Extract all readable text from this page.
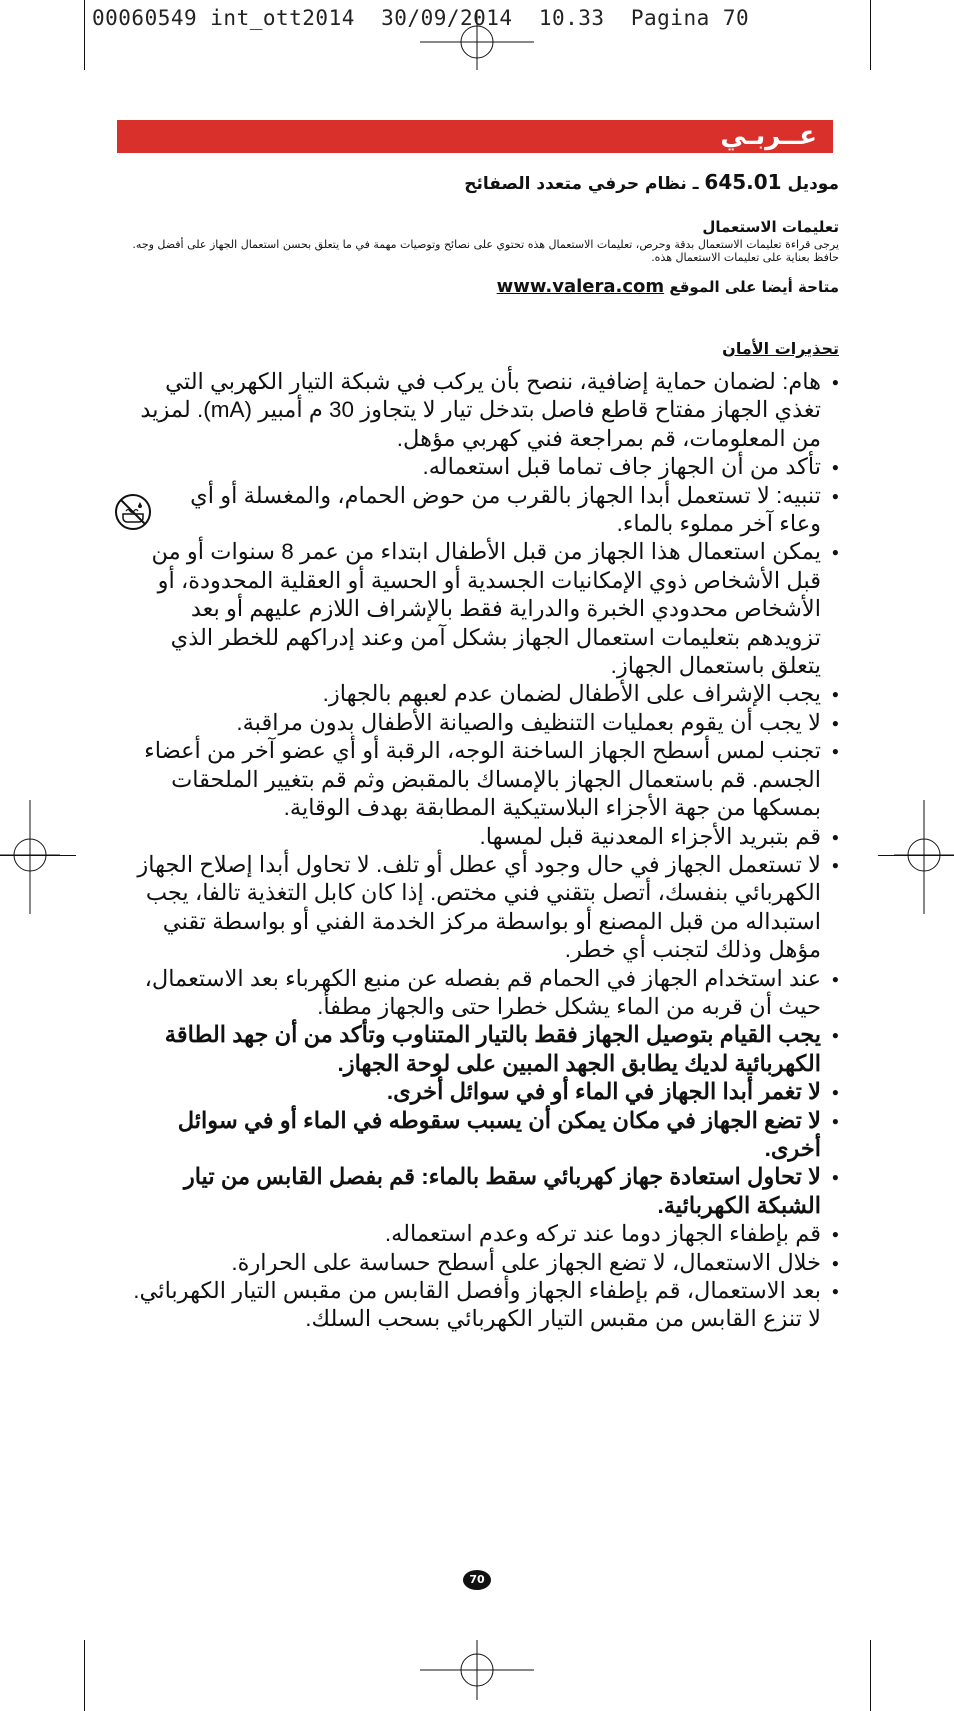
00060549 int_ott2014  30/09/2014  10.33  Pagina 70
عــربـي
موديل 645.01 ـ نظام حرفي متعدد الصفائح
تعليمات الاستعمال
يرجى قراءة تعليمات الاستعمال بدقة وحرص، تعليمات الاستعمال هذه تحتوي على نصائح وتوصيات مهمة في ما يتعلق بحسن استعمال الجهاز على أفضل وجه. حافظ بعناية على تعليمات الاستعمال هذه.
متاحة أيضا على الموقع www.valera.com
تحذيرات الأمان
● هام: لضمان حماية إضافية، ننصح بأن يركب في شبكة التيار الكهربي التي تغذي الجهاز مفتاح قاطع فاصل بتدخل تيار لا يتجاوز 30 م أمبير (mA). لمزيد من المعلومات، قم بمراجعة فني كهربي مؤهل.
● تأكد من أن الجهاز جاف تماما قبل استعماله.
● تنبيه: لا تستعمل أبدا الجهاز بالقرب من حوض الحمام، والمغسلة أو أي وعاء آخر مملوء بالماء.
● يمكن استعمال هذا الجهاز من قبل الأطفال ابتداء من عمر 8 سنوات أو من قبل الأشخاص ذوي الإمكانيات الجسدية أو الحسية أو العقلية المحدودة، أو الأشخاص محدودي الخبرة والدراية فقط بالإشراف اللازم عليهم أو بعد تزويدهم بتعليمات استعمال الجهاز بشكل آمن وعند إدراكهم للخطر الذي يتعلق باستعمال الجهاز.
● يجب الإشراف على الأطفال لضمان عدم لعبهم بالجهاز.
● لا يجب أن يقوم بعمليات التنظيف والصيانة الأطفال بدون مراقبة.
● تجنب لمس أسطح الجهاز الساخنة الوجه، الرقبة أو أي عضو آخر من أعضاء الجسم. قم باستعمال الجهاز بالإمساك بالمقبض وثم قم بتغيير الملحقات بمسكها من جهة الأجزاء البلاستيكية المطابقة بهدف الوقاية.
● قم بتبريد الأجزاء المعدنية قبل لمسها.
● لا تستعمل الجهاز في حال وجود أي عطل أو تلف. لا تحاول أبدا إصلاح الجهاز الكهربائي بنفسك، أتصل بتقني فني مختص. إذا كان كابل التغذية تالفا، يجب استبداله من قبل المصنع أو بواسطة مركز الخدمة الفني أو بواسطة تقني مؤهل وذلك لتجنب أي خطر.
● عند استخدام الجهاز في الحمام قم بفصله عن منبع الكهرباء بعد الاستعمال، حيث أن قربه من الماء يشكل خطرا حتى والجهاز مطفأ.
● يجب القيام بتوصيل الجهاز فقط بالتيار المتناوب وتأكد من أن جهد الطاقة الكهربائية لديك يطابق الجهد المبين على لوحة الجهاز.
● لا تغمر أبدا الجهاز في الماء أو في سوائل أخرى.
● لا تضع الجهاز في مكان يمكن أن يسبب سقوطه في الماء أو في سوائل أخرى.
● لا تحاول استعادة جهاز كهربائي سقط بالماء: قم بفصل القابس من تيار الشبكة الكهربائية.
● قم بإطفاء الجهاز دوما عند تركه وعدم استعماله.
● خلال الاستعمال، لا تضع الجهاز على أسطح حساسة على الحرارة.
● بعد الاستعمال، قم بإطفاء الجهاز وأفصل القابس من مقبس التيار الكهربائي. لا تنزع القابس من مقبس التيار الكهربائي بسحب السلك.
70
